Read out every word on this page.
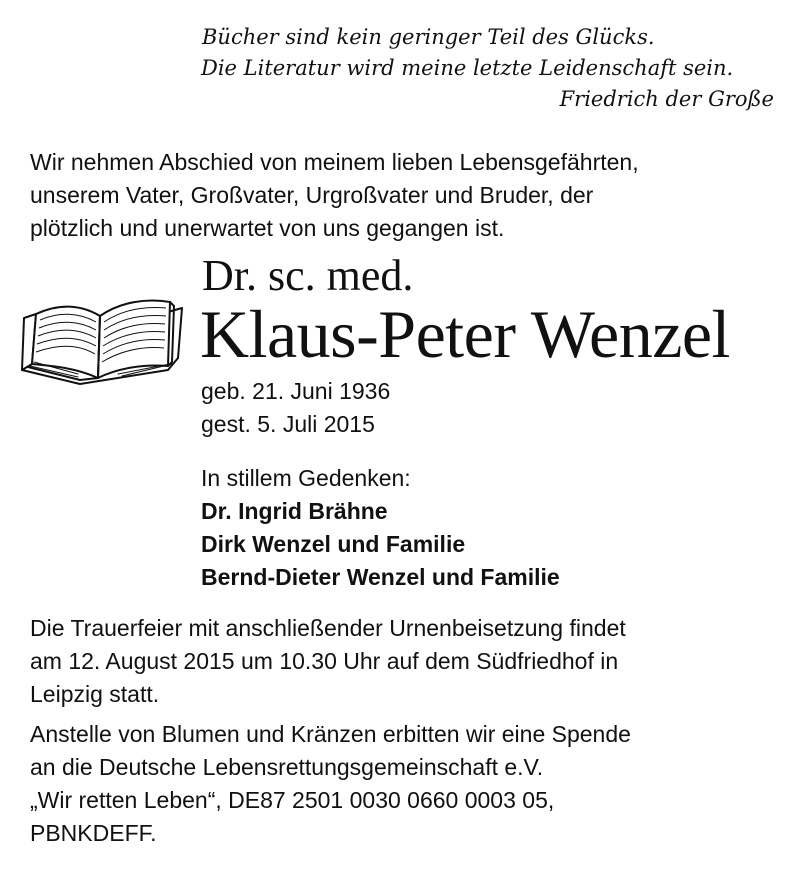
Bücher sind kein geringer Teil des Glücks.
Die Literatur wird meine letzte Leidenschaft sein.
Friedrich der Große
Wir nehmen Abschied von meinem lieben Lebensgefährten,
unserem Vater, Großvater, Urgroßvater und Bruder, der
plötzlich und unerwartet von uns gegangen ist.
Dr. sc. med.
Klaus-Peter Wenzel
geb. 21. Juni 1936
gest. 5. Juli 2015
In stillem Gedenken:
Dr. Ingrid Brähne
Dirk Wenzel und Familie
Bernd-Dieter Wenzel und Familie
Die Trauerfeier mit anschließender Urnenbeisetzung findet
am 12. August 2015 um 10.30 Uhr auf dem Südfriedhof in
Leipzig statt.
Anstelle von Blumen und Kränzen erbitten wir eine Spende
an die Deutsche Lebensrettungsgemeinschaft e.V.
„Wir retten Leben“, DE87 2501 0030 0660 0003 05,
PBNKDEFF.
